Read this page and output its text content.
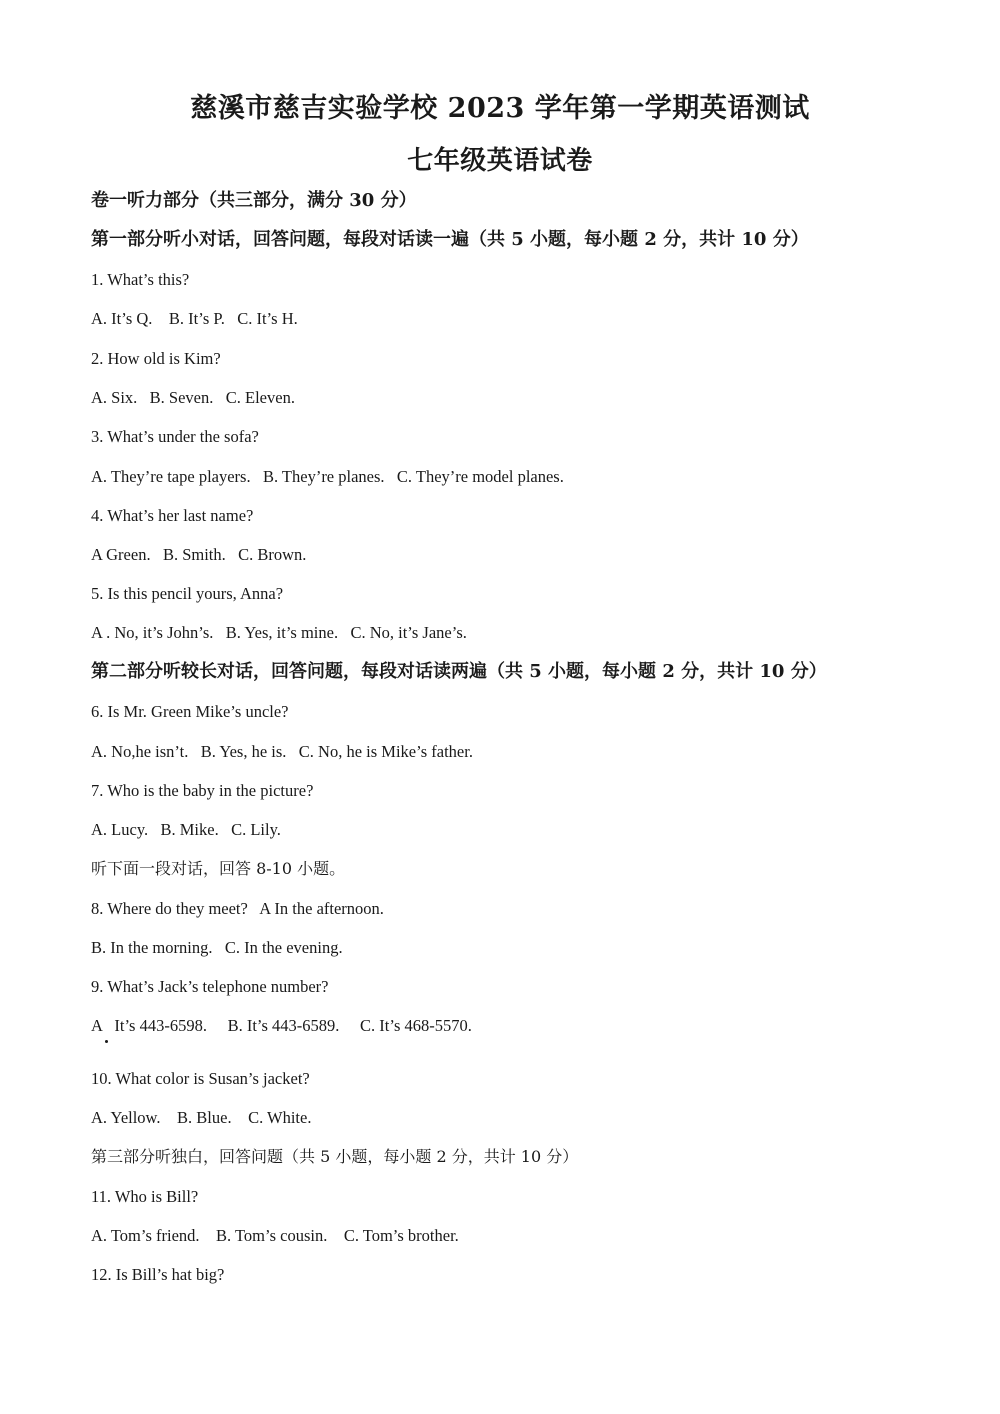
慈溪市慈吉实验学校 2023 学年第一学期英语测试
七年级英语试卷
卷一听力部分（共三部分，满分 30 分）
第一部分听小对话，回答问题，每段对话读一遍（共 5 小题，每小题 2 分，共计 10 分）
1. What’s this?
A. It’s Q.    B. It’s P.   C. It’s H.
2. How old is Kim?
A. Six.   B. Seven.   C. Eleven.
3. What’s under the sofa?
A. They’re tape players.   B. They’re planes.   C. They’re model planes.
4. What’s her last name?
A Green.   B. Smith.   C. Brown.
5. Is this pencil yours, Anna?
A . No, it’s John’s.   B. Yes, it’s mine.   C. No, it’s Jane’s.
第二部分听较长对话，回答问题，每段对话读两遍（共 5 小题，每小题 2 分，共计 10 分）
6. Is Mr. Green Mike’s uncle?
A. No,he isn’t.   B. Yes, he is.   C. No, he is Mike’s father.
7. Who is the baby in the picture?
A. Lucy.   B. Mike.   C. Lily.
听下面一段对话，回答 8-10 小题。
8. Where do they meet?   A In the afternoon.
B. In the morning.   C. In the evening.
9. What’s Jack’s telephone number?
A   It’s 443-6598.     B. It’s 443-6589.     C. It’s 468-5570.
10. What color is Susan’s jacket?
A. Yellow.    B. Blue.    C. White.
第三部分听独白，回答问题（共 5 小题，每小题 2 分，共计 10 分）
11. Who is Bill?
A. Tom’s friend.    B. Tom’s cousin.    C. Tom’s brother.
12. Is Bill’s hat big?
